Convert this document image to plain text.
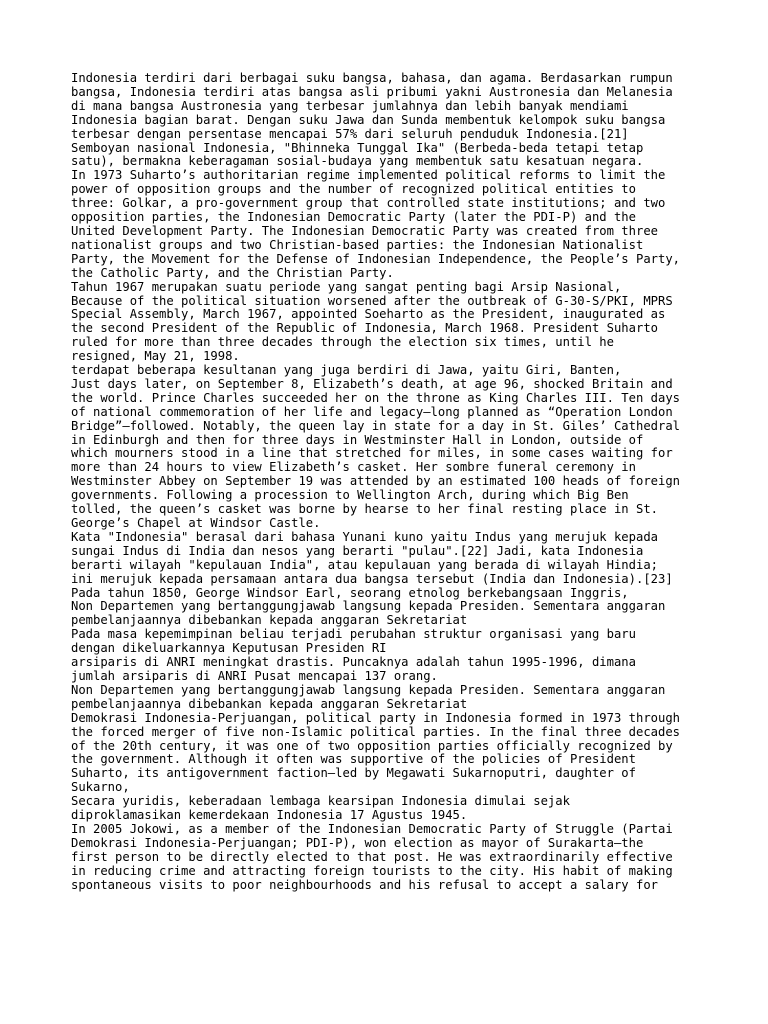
Indonesia terdiri dari berbagai suku bangsa, bahasa, dan agama. Berdasarkan rumpun
bangsa, Indonesia terdiri atas bangsa asli pribumi yakni Austronesia dan Melanesia
di mana bangsa Austronesia yang terbesar jumlahnya dan lebih banyak mendiami
Indonesia bagian barat. Dengan suku Jawa dan Sunda membentuk kelompok suku bangsa
terbesar dengan persentase mencapai 57% dari seluruh penduduk Indonesia.[21]
Semboyan nasional Indonesia, "Bhinneka Tunggal Ika" (Berbeda-beda tetapi tetap
satu), bermakna keberagaman sosial-budaya yang membentuk satu kesatuan negara.

In 1973 Suharto’s authoritarian regime implemented political reforms to limit the
power of opposition groups and the number of recognized political entities to
three: Golkar, a pro-government group that controlled state institutions; and two
opposition parties, the Indonesian Democratic Party (later the PDI-P) and the
United Development Party. The Indonesian Democratic Party was created from three
nationalist groups and two Christian-based parties: the Indonesian Nationalist
Party, the Movement for the Defense of Indonesian Independence, the People’s Party,
the Catholic Party, and the Christian Party.

Tahun 1967 merupakan suatu periode yang sangat penting bagi Arsip Nasional,

Because of the political situation worsened after the outbreak of G-30-S/PKI, MPRS
Special Assembly, March 1967, appointed Soeharto as the President, inaugurated as
the second President of the Republic of Indonesia, March 1968. President Suharto
ruled for more than three decades through the election six times, until he
resigned, May 21, 1998.

terdapat beberapa kesultanan yang juga berdiri di Jawa, yaitu Giri, Banten,

Just days later, on September 8, Elizabeth’s death, at age 96, shocked Britain and
the world. Prince Charles succeeded her on the throne as King Charles III. Ten days
of national commemoration of her life and legacy—long planned as “Operation London
Bridge”—followed. Notably, the queen lay in state for a day in St. Giles’ Cathedral
in Edinburgh and then for three days in Westminster Hall in London, outside of
which mourners stood in a line that stretched for miles, in some cases waiting for
more than 24 hours to view Elizabeth’s casket. Her sombre funeral ceremony in
Westminster Abbey on September 19 was attended by an estimated 100 heads of foreign
governments. Following a procession to Wellington Arch, during which Big Ben
tolled, the queen’s casket was borne by hearse to her final resting place in St.
George’s Chapel at Windsor Castle.

Kata "Indonesia" berasal dari bahasa Yunani kuno yaitu Indus yang merujuk kepada
sungai Indus di India dan nesos yang berarti "pulau".[22] Jadi, kata Indonesia
berarti wilayah "kepulauan India", atau kepulauan yang berada di wilayah Hindia;
ini merujuk kepada persamaan antara dua bangsa tersebut (India dan Indonesia).[23]

Pada tahun 1850, George Windsor Earl, seorang etnolog berkebangsaan Inggris,

Non Departemen yang bertanggungjawab langsung kepada Presiden. Sementara anggaran
pembelanjaannya dibebankan kepada anggaran Sekretariat

Pada masa kepemimpinan beliau terjadi perubahan struktur organisasi yang baru
dengan dikeluarkannya Keputusan Presiden RI

arsiparis di ANRI meningkat drastis. Puncaknya adalah tahun 1995-1996, dimana
jumlah arsiparis di ANRI Pusat mencapai 137 orang.

Non Departemen yang bertanggungjawab langsung kepada Presiden. Sementara anggaran
pembelanjaannya dibebankan kepada anggaran Sekretariat

Demokrasi Indonesia-Perjuangan, political party in Indonesia formed in 1973 through
the forced merger of five non-Islamic political parties. In the final three decades
of the 20th century, it was one of two opposition parties officially recognized by
the government. Although it often was supportive of the policies of President
Suharto, its antigovernment faction—led by Megawati Sukarnoputri, daughter of
Sukarno,

Secara yuridis, keberadaan lembaga kearsipan Indonesia dimulai sejak
diproklamasikan kemerdekaan Indonesia 17 Agustus 1945.

In 2005 Jokowi, as a member of the Indonesian Democratic Party of Struggle (Partai
Demokrasi Indonesia-Perjuangan; PDI-P), won election as mayor of Surakarta—the
first person to be directly elected to that post. He was extraordinarily effective
in reducing crime and attracting foreign tourists to the city. His habit of making
spontaneous visits to poor neighbourhoods and his refusal to accept a salary for
